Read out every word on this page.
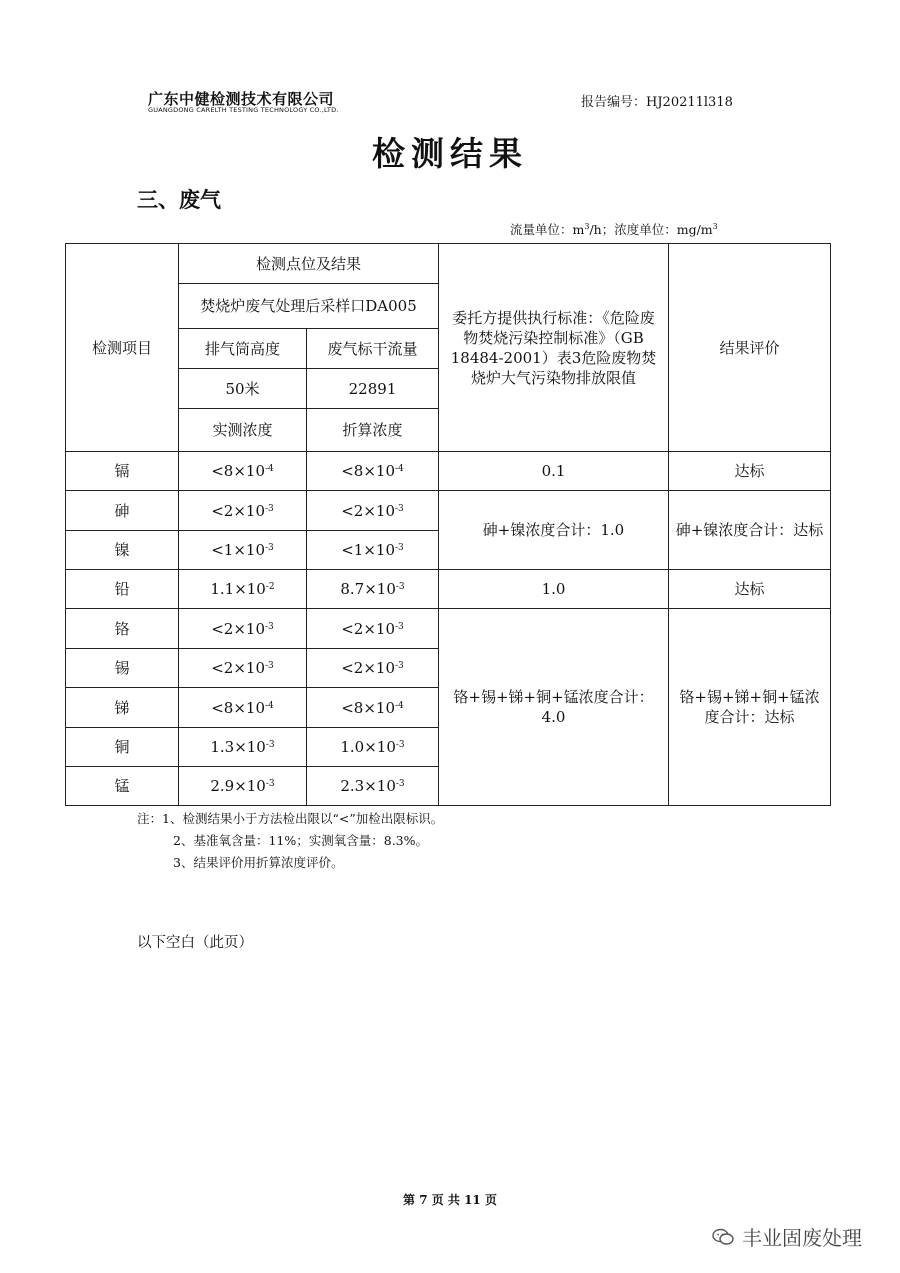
广东中健检测技术有限公司
GUANGDONG CARELTH TESTING TECHNOLOGY CO.,LTD.	报告编号：HJ20211l318
检测结果
三、废气
流量单位：$m^3/h$；浓度单位：$mg/m^3$
检测项目	检测点位及结果		委托方提供执行标准：《危险废物焚烧污染控制标准》（GB 18484-2001）表3危险废物焚烧炉大气污染物排放限值	结果评价
	焚烧炉废气处理后采样口DA005			
	排气筒高度	废气标干流量		
	50米	22891		
	实测浓度	折算浓度		
镉	$<8\times 10^{-4}$	$<8\times 10^{-4}$	0.1	达标
砷	$<2\times 10^{-3}$	$<2\times 10^{-3}$	砷+镍浓度合计：1.0	砷+镍浓度合计：达标
镍	$<1\times 10^{-3}$	$<1\times 10^{-3}$
铅	$1.1\times 10^{-2}$	$8.7\times 10^{-3}$	1.0	达标
铬	$<2\times 10^{-3}$	$<2\times 10^{-3}$	铬+锡+锑+铜+锰浓度合计：4.0	铬+锡+锑+铜+锰浓度合计：达标
锡	$<2\times 10^{-3}$	$<2\times 10^{-3}$
锑	$<8\times 10^{-4}$	$<8\times 10^{-4}$
铜	$1.3\times 10^{-3}$	$1.0\times 10^{-3}$
锰	$2.9\times 10^{-3}$	$2.3\times 10^{-3}$
注：1、检测结果小于方法检出限以“<”加检出限标识。
2、基准氧含量：11%；实测氧含量：8.3%。
3、结果评价用折算浓度评价。
以下空白（此页）
第 7 页 共 11 页
丰业固废处理
